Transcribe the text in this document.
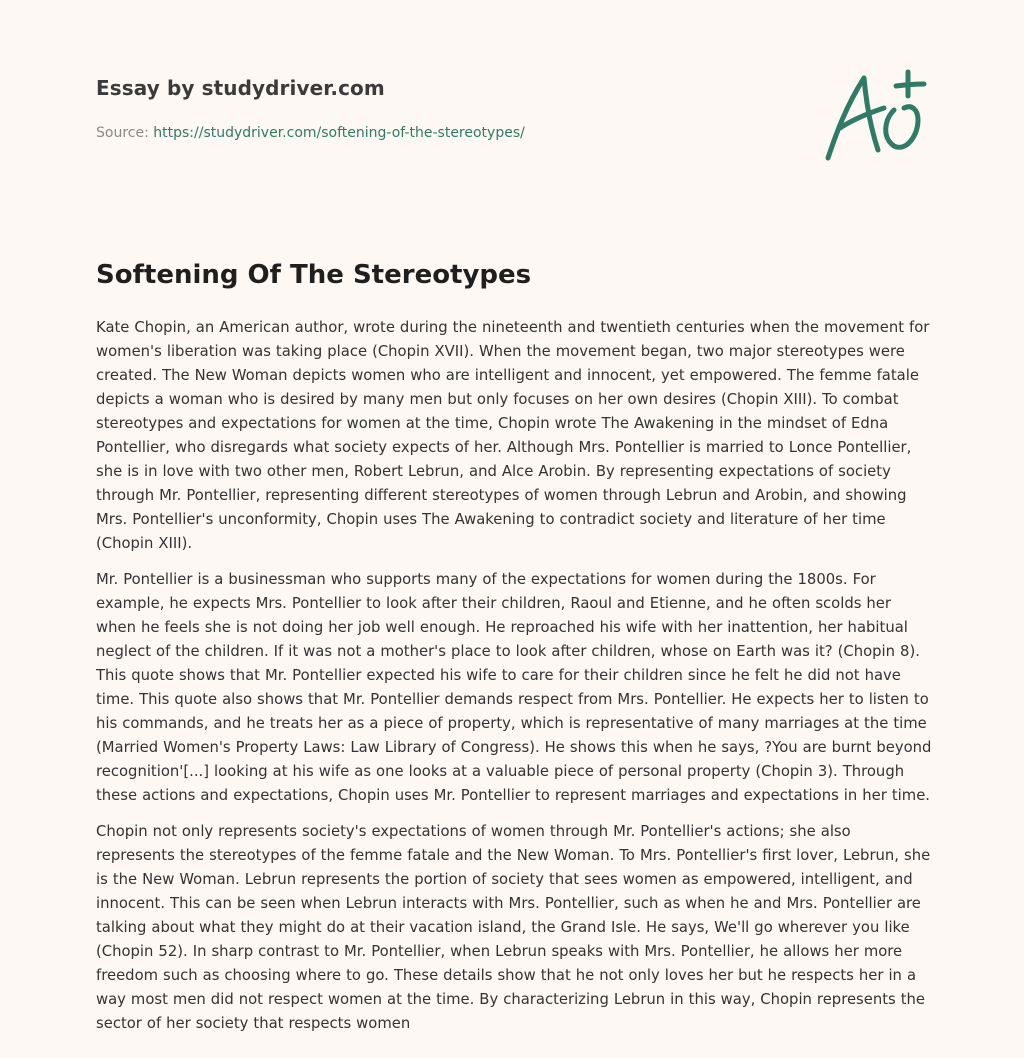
Essay by studydriver.com
Source: https://studydriver.com/softening-of-the-stereotypes/
Softening Of The Stereotypes

Kate Chopin, an American author, wrote during the nineteenth and twentieth centuries when the movement for women's liberation was taking place (Chopin XVII). When the movement began, two major stereotypes were created. The New Woman depicts women who are intelligent and innocent, yet empowered. The femme fatale depicts a woman who is desired by many men but only focuses on her own desires (Chopin XIII). To combat stereotypes and expectations for women at the time, Chopin wrote The Awakening in the mindset of Edna Pontellier, who disregards what society expects of her. Although Mrs. Pontellier is married to Lonce Pontellier, she is in love with two other men, Robert Lebrun, and Alce Arobin. By representing expectations of society through Mr. Pontellier, representing different stereotypes of women through Lebrun and Arobin, and showing Mrs. Pontellier's unconformity, Chopin uses The Awakening to contradict society and literature of her time (Chopin XIII).

Mr. Pontellier is a businessman who supports many of the expectations for women during the 1800s. For example, he expects Mrs. Pontellier to look after their children, Raoul and Etienne, and he often scolds her when he feels she is not doing her job well enough. He reproached his wife with her inattention, her habitual neglect of the children. If it was not a mother's place to look after children, whose on Earth was it? (Chopin 8). This quote shows that Mr. Pontellier expected his wife to care for their children since he felt he did not have time. This quote also shows that Mr. Pontellier demands respect from Mrs. Pontellier. He expects her to listen to his commands, and he treats her as a piece of property, which is representative of many marriages at the time (Married Women's Property Laws: Law Library of Congress). He shows this when he says, ?You are burnt beyond recognition'[...] looking at his wife as one looks at a valuable piece of personal property (Chopin 3). Through these actions and expectations, Chopin uses Mr. Pontellier to represent marriages and expectations in her time.

Chopin not only represents society's expectations of women through Mr. Pontellier's actions; she also represents the stereotypes of the femme fatale and the New Woman. To Mrs. Pontellier's first lover, Lebrun, she is the New Woman. Lebrun represents the portion of society that sees women as empowered, intelligent, and innocent. This can be seen when Lebrun interacts with Mrs. Pontellier, such as when he and Mrs. Pontellier are talking about what they might do at their vacation island, the Grand Isle. He says, We'll go wherever you like (Chopin 52). In sharp contrast to Mr. Pontellier, when Lebrun speaks with Mrs. Pontellier, he allows her more freedom such as choosing where to go. These details show that he not only loves her but he respects her in a way most men did not respect women at the time. By characterizing Lebrun in this way, Chopin represents the sector of her society that respects women
